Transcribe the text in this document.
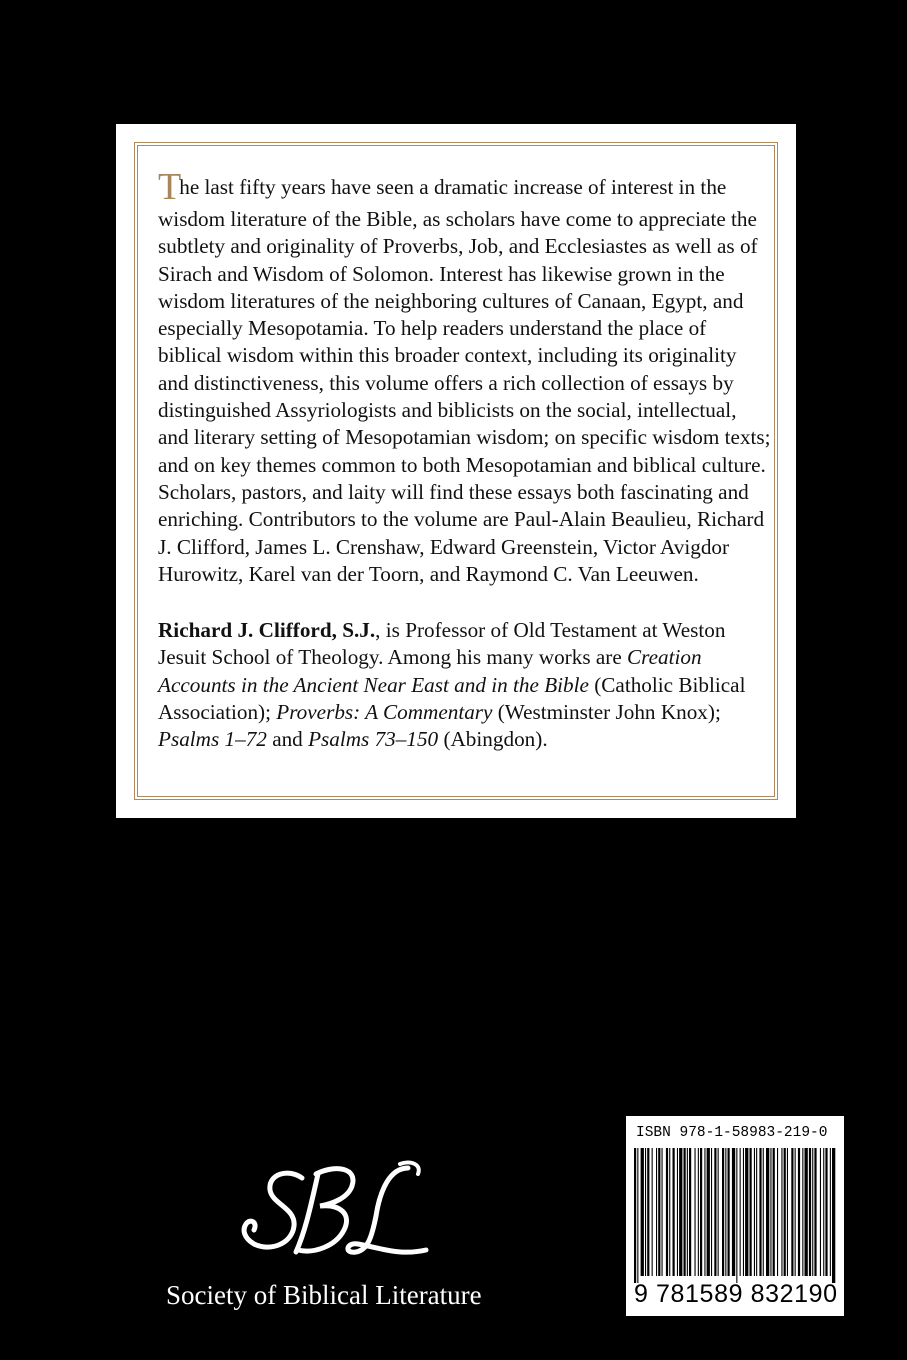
The last fifty years have seen a dramatic increase of interest in the wisdom literature of the Bible, as scholars have come to appreciate the subtlety and originality of Proverbs, Job, and Ecclesiastes as well as of Sirach and Wisdom of Solomon. Interest has likewise grown in the wisdom literatures of the neighboring cultures of Canaan, Egypt, and especially Mesopotamia. To help readers understand the place of biblical wisdom within this broader context, including its originality and distinctiveness, this volume offers a rich collection of essays by distinguished Assyriologists and biblicists on the social, intellectual, and literary setting of Mesopotamian wisdom; on specific wisdom texts; and on key themes common to both Mesopotamian and biblical culture. Scholars, pastors, and laity will find these essays both fascinating and enriching. Contributors to the volume are Paul-Alain Beaulieu, Richard J. Clifford, James L. Crenshaw, Edward Greenstein, Victor Avigdor Hurowitz, Karel van der Toorn, and Raymond C. Van Leeuwen.

Richard J. Clifford, S.J., is Professor of Old Testament at Weston Jesuit School of Theology. Among his many works are Creation Accounts in the Ancient Near East and in the Bible (Catholic Biblical Association); Proverbs: A Commentary (Westminster John Knox); Psalms 1–72 and Psalms 73–150 (Abingdon).

Society of Biblical Literature
ISBN 978-1-58983-219-0
9 781589 832190
